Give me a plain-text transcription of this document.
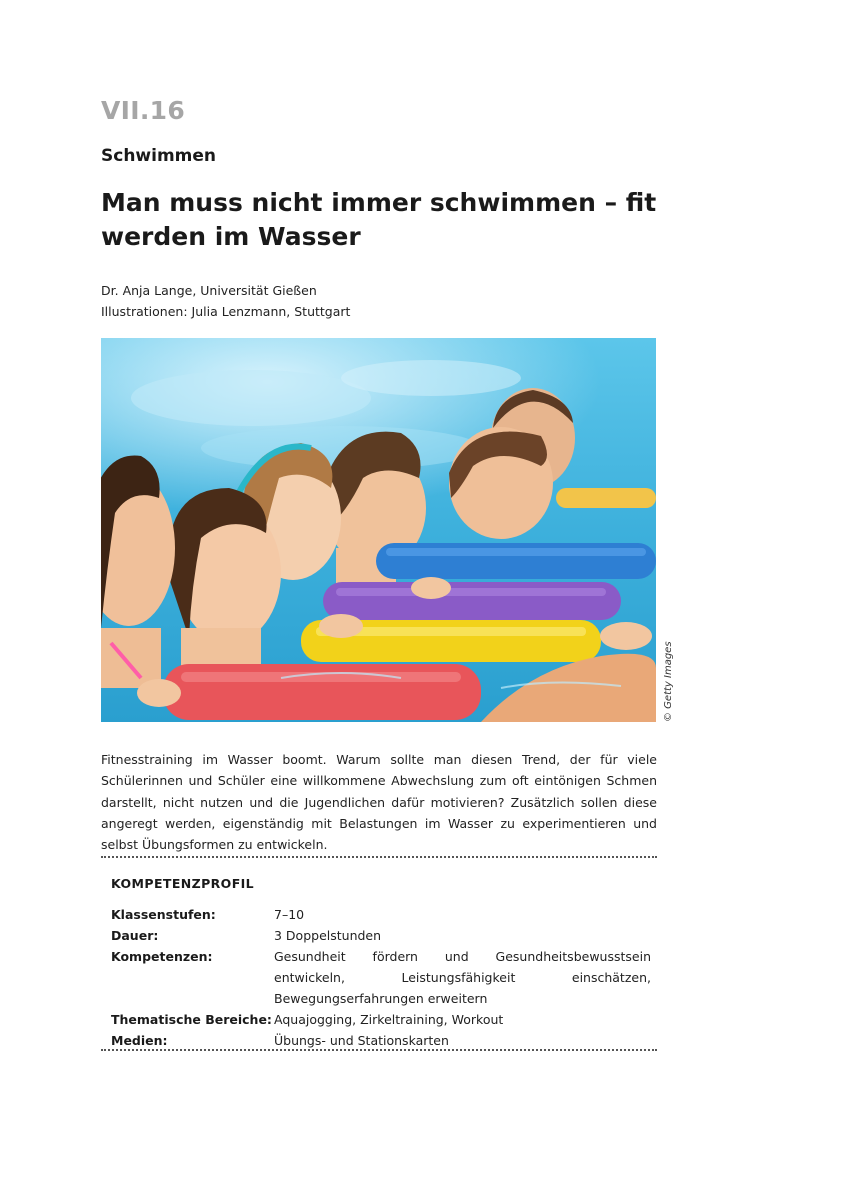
VII.16
Schwimmen
Man muss nicht immer schwimmen – fit werden im Wasser
Dr. Anja Lange, Universität Gießen
Illustrationen: Julia Lenzmann, Stuttgart
© Getty Images

Fitnesstraining im Wasser boomt. Warum sollte man diesen Trend, der für viele Schülerinnen und Schüler eine willkommene Abwechslung zum oft eintönigen Schmen darstellt, nicht nutzen und die Jugendlichen dafür motivieren? Zusätzlich sollen diese angeregt werden, eigenständig mit Belastungen im Wasser zu experimentieren und selbst Übungsformen zu entwickeln.

KOMPETENZPROFIL
Klassenstufen:	7–10
Dauer:	3 Doppelstunden
Kompetenzen:	Gesundheit fördern und Gesundheitsbewusstsein entwickeln, Leistungsfähigkeit einschätzen, Bewegungserfahrungen erweitern
Thematische Bereiche: Aquajogging, Zirkeltraining, Workout
Medien:	Übungs- und Stationskarten
